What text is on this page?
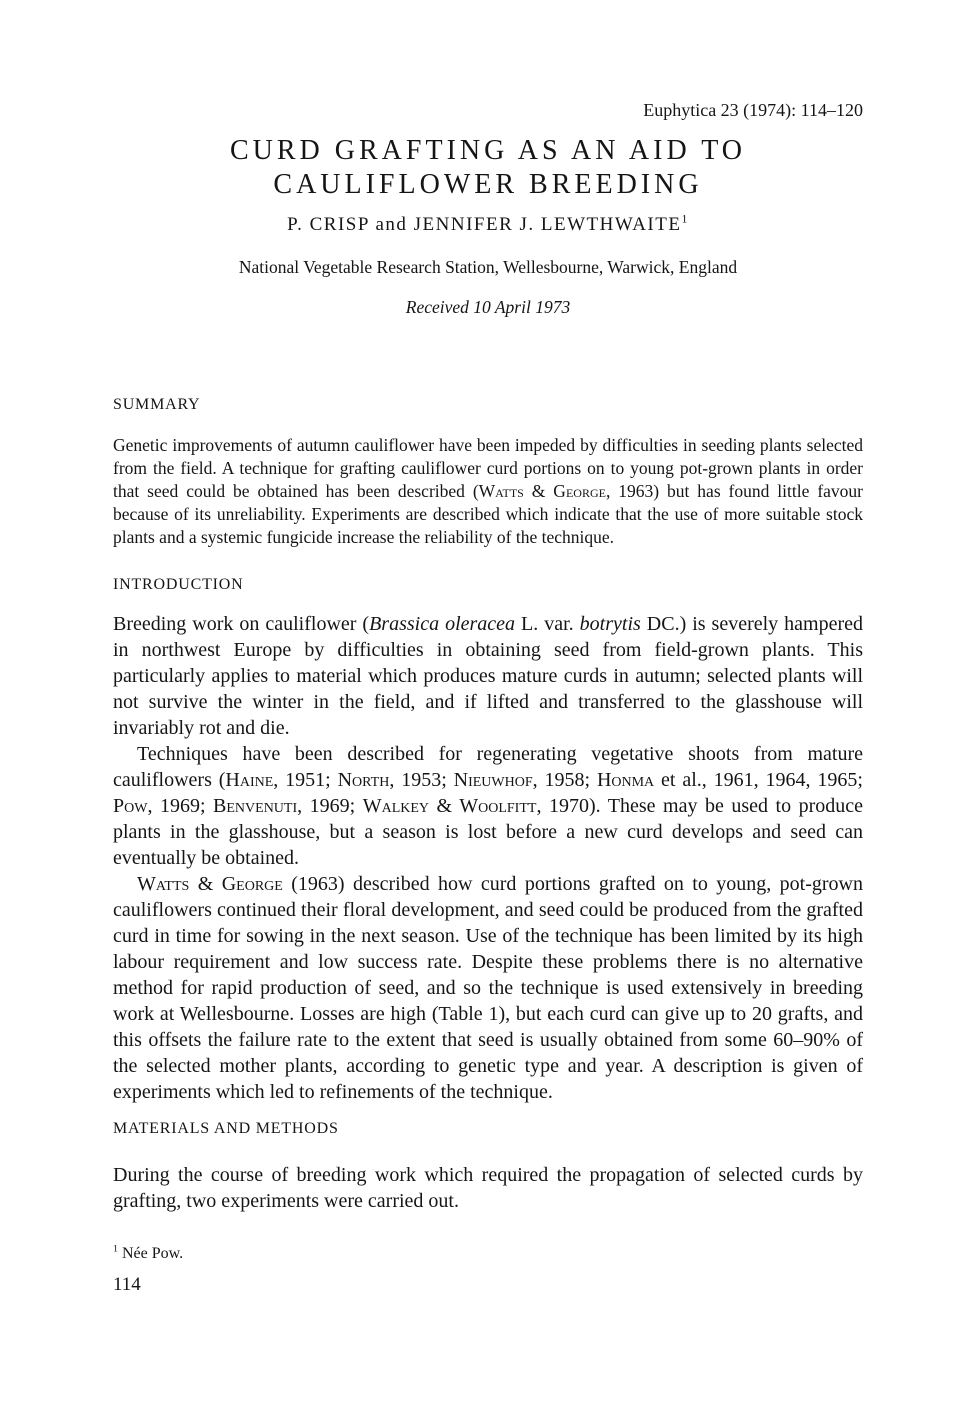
Euphytica 23 (1974): 114–120
CURD GRAFTING AS AN AID TO
CAULIFLOWER BREEDING
P. CRISP and JENNIFER J. LEWTHWAITE$^1$
National Vegetable Research Station, Wellesbourne, Warwick, England
Received 10 April 1973
SUMMARY

Genetic improvements of autumn cauliflower have been impeded by difficulties in seeding plants selected from the field. A technique for grafting cauliflower curd portions on to young pot-grown plants in order that seed could be obtained has been described (Watts & George, 1963) but has found little favour because of its unreliability. Experiments are described which indicate that the use of more suitable stock plants and a systemic fungicide increase the reliability of the technique.

INTRODUCTION

Breeding work on cauliflower (Brassica oleracea L. var. botrytis DC.) is severely hampered in northwest Europe by difficulties in obtaining seed from field-grown plants. This particularly applies to material which produces mature curds in autumn; selected plants will not survive the winter in the field, and if lifted and transferred to the glasshouse will invariably rot and die.

Techniques have been described for regenerating vegetative shoots from mature cauliflowers (Haine, 1951; North, 1953; Nieuwhof, 1958; Honma et al., 1961, 1964, 1965; Pow, 1969; Benvenuti, 1969; Walkey & Woolfitt, 1970). These may be used to produce plants in the glasshouse, but a season is lost before a new curd develops and seed can eventually be obtained.

Watts & George (1963) described how curd portions grafted on to young, pot-grown cauliflowers continued their floral development, and seed could be produced from the grafted curd in time for sowing in the next season. Use of the technique has been limited by its high labour requirement and low success rate. Despite these problems there is no alternative method for rapid production of seed, and so the technique is used extensively in breeding work at Wellesbourne. Losses are high (Table 1), but each curd can give up to 20 grafts, and this offsets the failure rate to the extent that seed is usually obtained from some 60–90% of the selected mother plants, according to genetic type and year. A description is given of experiments which led to refinements of the technique.

MATERIALS AND METHODS

During the course of breeding work which required the propagation of selected curds by grafting, two experiments were carried out.

$^1$ Née Pow.
114
